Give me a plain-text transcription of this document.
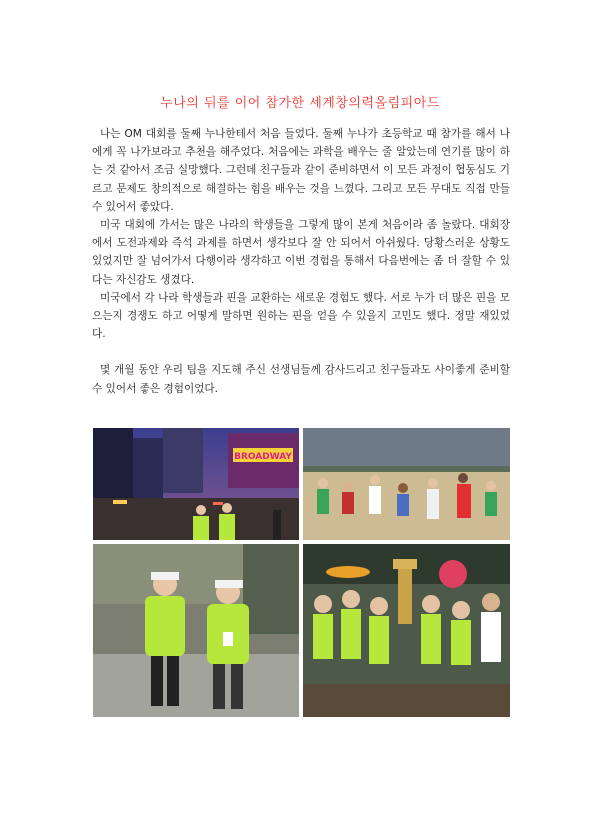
누나의 뒤를 이어 참가한 세계창의력올림피아드

나는 OM 대회를 둘째 누나한테서 처음 들었다. 둘째 누나가 초등학교 때 참가를 해서 나에게 꼭 나가보라고 추천을 해주었다. 처음에는 과학을 배우는 줄 알았는데 연기를 많이 하는 것 같아서 조금 실망했다. 그런데 친구들과 같이 준비하면서 이 모든 과정이 협동심도 기르고 문제도 창의적으로 해결하는 힘을 배우는 것을 느꼈다. 그리고 모든 무대도 직접 만들 수 있어서 좋았다.

미국 대회에 가서는 많은 나라의 학생들을 그렇게 많이 본게 처음이라 좀 놀랐다. 대회장에서 도전과제와 즉석 과제를 하면서 생각보다 잘 안 되어서 아쉬웠다. 당황스러운 상황도 있었지만 잘 넘어가서 다행이라 생각하고 이번 경험을 통해서 다음번에는 좀 더 잘할 수 있다는 자신감도 생겼다.

미국에서 각 나라 학생들과 핀을 교환하는 새로운 경험도 했다. 서로 누가 더 많은 핀을 모으는지 경쟁도 하고 어떻게 말하면 원하는 핀을 얻을 수 있을지 고민도 했다. 정말 재있었다.

몇 개월 동안 우리 팀을 지도해 주신 선생님들께 감사드리고 친구들과도 사이좋게 준비할 수 있어서 좋은 경험이었다.

BROADWAY
